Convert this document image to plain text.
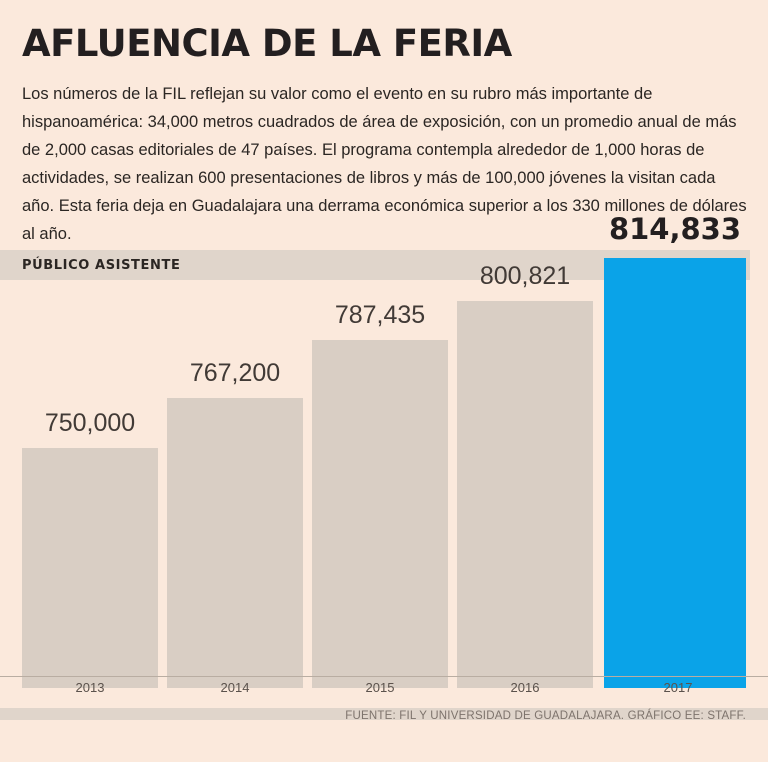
AFLUENCIA DE LA FERIA
Los números de la FIL reflejan su valor como el evento en su rubro más importante de hispanoamérica: 34,000 metros cuadrados de área de exposición, con un promedio anual de más de 2,000 casas editoriales de 47 países. El programa contempla alrededor de 1,000 horas de actividades, se realizan 600 presentaciones de libros y más de 100,000 jóvenes la visitan cada año. Esta feria deja en Guadalajara una derrama económica superior a los 330 millones de dólares al año.
PÚBLICO ASISTENTE
750,000
767,200
787,435
800,821
814,833
2013	2014	2015	2016	2017
FUENTE: FIL Y UNIVERSIDAD DE GUADALAJARA. GRÁFICO EE: STAFF.
